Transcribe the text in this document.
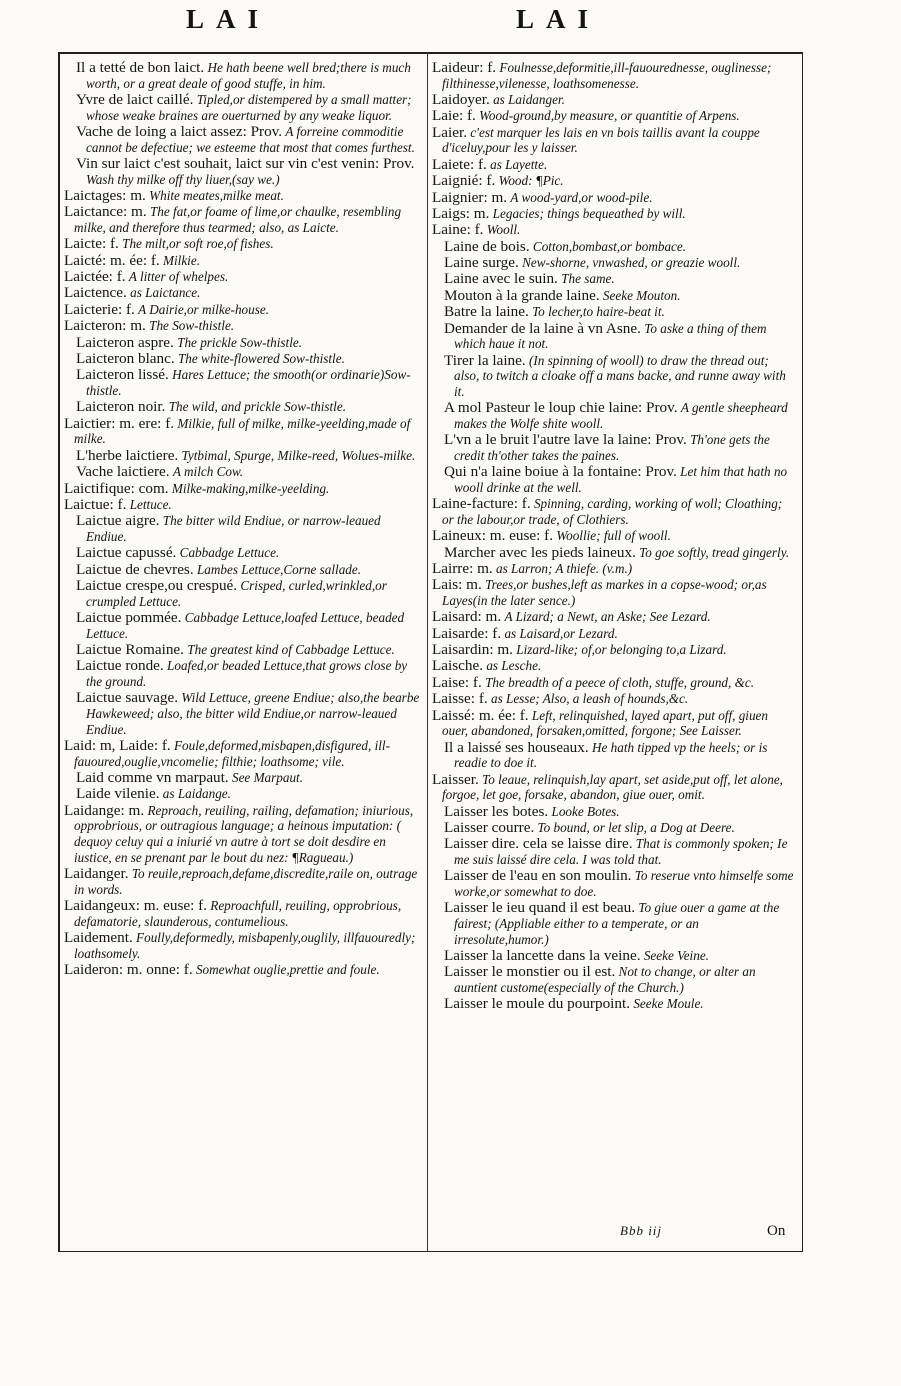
LAI	LAI

Il a tetté de bon laict. He hath beene well bred;there is much worth, or a great deale of good stuffe, in him.

Yvre de laict caillé. Tipled,or distempered by a small matter; whose weake braines are ouerturned by any weake liquor.

Vache de loing a laict assez: Prov. A forreine commoditie cannot be defectiue; we esteeme that most that comes furthest.

Vin sur laict c'est souhait, laict sur vin c'est venin: Prov. Wash thy milke off thy liuer,(say we.)

Laictages: m. White meates,milke meat.

Laictance: m. The fat,or foame of lime,or chaulke, resembling milke, and therefore thus tearmed; also, as Laicte.

Laicte: f. The milt,or soft roe,of fishes.

Laicté: m. ée: f. Milkie.

Laictée: f. A litter of whelpes.

Laictence. as Laictance.

Laicterie: f. A Dairie,or milke-house.

Laicteron: m. The Sow-thistle.

Laicteron aspre. The prickle Sow-thistle.

Laicteron blanc. The white-flowered Sow-thistle.

Laicteron lissé. Hares Lettuce; the smooth(or ordinarie)Sow-thistle.

Laicteron noir. The wild, and prickle Sow-thistle.

Laictier: m. ere: f. Milkie, full of milke, milke-yeelding,made of milke.

L'herbe laictiere. Tytbimal, Spurge, Milke-reed, Wolues-milke.

Vache laictiere. A milch Cow.

Laictifique: com. Milke-making,milke-yeelding.

Laictue: f. Lettuce.

Laictue aigre. The bitter wild Endiue, or narrow-leaued Endiue.

Laictue capussé. Cabbadge Lettuce.

Laictue de chevres. Lambes Lettuce,Corne sallade.

Laictue crespe,ou crespué. Crisped, curled,wrinkled,or crumpled Lettuce.

Laictue pommée. Cabbadge Lettuce,loafed Lettuce, beaded Lettuce.

Laictue Romaine. The greatest kind of Cabbadge Lettuce.

Laictue ronde. Loafed,or beaded Lettuce,that grows close by the ground.

Laictue sauvage. Wild Lettuce, greene Endiue; also,the bearbe Hawkeweed; also, the bitter wild Endiue,or narrow-leaued Endiue.

Laid: m, Laide: f. Foule,deformed,misbapen,disfigured, ill-fauoured,ouglie,vncomelie; filthie; loathsome; vile.

Laid comme vn marpaut. See Marpaut.

Laide vilenie. as Laidange.

Laidange: m. Reproach, reuiling, railing, defamation; iniurious, opprobrious, or outragious language; a heinous imputation: ( dequoy celuy qui a iniurié vn autre à tort se doit desdire en iustice, en se prenant par le bout du nez: ¶Ragueau.)

Laidanger. To reuile,reproach,defame,discredite,raile on, outrage in words.

Laidangeux: m. euse: f. Reproachfull, reuiling, opprobrious, defamatorie, slaunderous, contumelious.

Laidement. Foully,deformedly, misbapenly,ouglily, illfauouredly; loathsomely.

Laideron: m. onne: f. Somewhat ouglie,prettie and foule.

Laideur: f. Foulnesse,deformitie,ill-fauourednesse, ouglinesse; filthinesse,vilenesse, loathsomenesse.

Laidoyer. as Laidanger.

Laie: f. Wood-ground,by measure, or quantitie of Arpens.

Laier. c'est marquer les lais en vn bois taillis avant la couppe d'iceluy,pour les y laisser.

Laiete: f. as Layette.

Laignié: f. Wood: ¶Pic.

Laignier: m. A wood-yard,or wood-pile.

Laigs: m. Legacies; things bequeathed by will.

Laine: f. Wooll.

Laine de bois. Cotton,bombast,or bombace.

Laine surge. New-shorne, vnwashed, or greazie wooll.

Laine avec le suin. The same.

Mouton à la grande laine. Seeke Mouton.

Batre la laine. To lecher,to haire-beat it.

Demander de la laine à vn Asne. To aske a thing of them which haue it not.

Tirer la laine. (In spinning of wooll) to draw the thread out; also, to twitch a cloake off a mans backe, and runne away with it.

A mol Pasteur le loup chie laine: Prov. A gentle sheepheard makes the Wolfe shite wooll.

L'vn a le bruit l'autre lave la laine: Prov. Th'one gets the credit th'other takes the paines.

Qui n'a laine boiue à la fontaine: Prov. Let him that hath no wooll drinke at the well.

Laine-facture: f. Spinning, carding, working of woll; Cloathing; or the labour,or trade, of Clothiers.

Laineux: m. euse: f. Woollie; full of wooll.

Marcher avec les pieds laineux. To goe softly, tread gingerly.

Lairre: m. as Larron; A thiefe. (v.m.)

Lais: m. Trees,or bushes,left as markes in a copse-wood; or,as Layes(in the later sence.)

Laisard: m. A Lizard; a Newt, an Aske; See Lezard.

Laisarde: f. as Laisard,or Lezard.

Laisardin: m. Lizard-like; of,or belonging to,a Lizard.

Laische. as Lesche.

Laise: f. The breadth of a peece of cloth, stuffe, ground, &c.

Laisse: f. as Lesse; Also, a leash of hounds,&c.

Laissé: m. ée: f. Left, relinquished, layed apart, put off, giuen ouer, abandoned, forsaken,omitted, forgone; See Laisser.

Il a laissé ses houseaux. He hath tipped vp the heels; or is readie to doe it.

Laisser. To leaue, relinquish,lay apart, set aside,put off, let alone, forgoe, let goe, forsake, abandon, giue ouer, omit.

Laisser les botes. Looke Botes.

Laisser courre. To bound, or let slip, a Dog at Deere.

Laisser dire. cela se laisse dire. That is commonly spoken; Ie me suis laissé dire cela. I was told that.

Laisser de l'eau en son moulin. To reserue vnto himselfe some worke,or somewhat to doe.

Laisser le ieu quand il est beau. To giue ouer a game at the fairest; (Appliable either to a temperate, or an irresolute,humor.)

Laisser la lancette dans la veine. Seeke Veine.

Laisser le monstier ou il est. Not to change, or alter an auntient custome(especially of the Church.)

Laisser le moule du pourpoint. Seeke Moule.

Bbb iij	On
